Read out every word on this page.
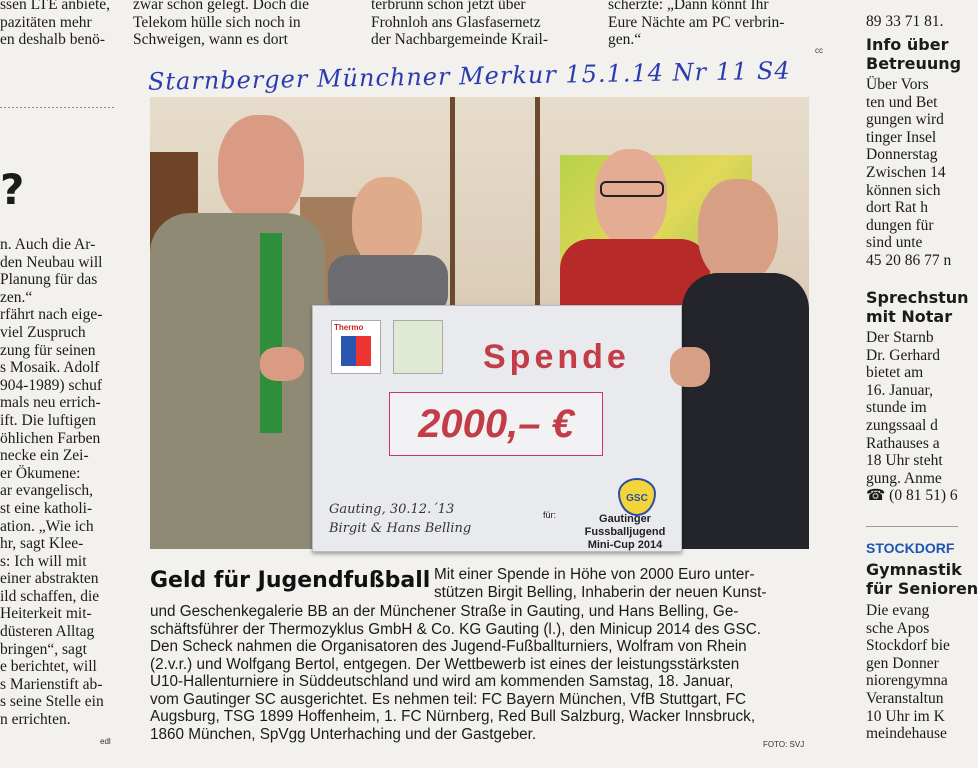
ssen LTE anbiete,
pazitäten mehr
en deshalb benö-
zwar schon gelegt. Doch die
Telekom hülle sich noch in
Schweigen, wann es dort
terbrunn schon jetzt über
Frohnloh ans Glasfasernetz
der Nachbargemeinde Krail-
scherzte: „Dann könnt Ihr
Eure Nächte am PC verbrin-
gen.“
cc
89 33 71 81.
Starnberger Münchner Merkur 15.1.14 Nr 11 S4
?
n. Auch die Ar-
den Neubau will
Planung für das
zen.“
rfährt nach eige-
viel Zuspruch
zung für seinen
s Mosaik. Adolf
904-1989) schuf
mals neu errich-
ift. Die luftigen
öhlichen Farben
necke ein Zei-
er Ökumene:
ar evangelisch,
st eine katholi-
ation. „Wie ich
hr, sagt Klee-
s: Ich will mit
einer abstrakten
ild schaffen, die
Heiterkeit mit-
düsteren Alltag
bringen“, sagt
e berichtet, will
s Marienstift ab-
s seine Stelle ein
n errichten.
edl
Thermo
Spende
2000,– €
Gauting, 30.12.´13
Birgit & Hans Belling
für:
GSC
Gautinger
Fussballjugend
Mini-Cup 2014
Geld für Jugendfußball Mit einer Spende in Höhe von 2000 Euro unter-
stützen Birgit Belling, Inhaberin der neuen Kunst-
und Geschenkegalerie BB an der Münchener Straße in Gauting, und Hans Belling, Ge-
schäftsführer der Thermozyklus GmbH & Co. KG Gauting (l.), den Minicup 2014 des GSC.
Den Scheck nahmen die Organisatoren des Jugend-Fußballturniers, Wolfram von Rhein
(2.v.r.) und Wolfgang Bertol, entgegen. Der Wettbewerb ist eines der leistungsstärksten
U10-Hallenturniere in Süddeutschland und wird am kommenden Samstag, 18. Januar,
vom Gautinger SC ausgerichtet. Es nehmen teil: FC Bayern München, VfB Stuttgart, FC
Augsburg, TSG 1899 Hoffenheim, 1. FC Nürnberg, Red Bull Salzburg, Wacker Innsbruck,
1860 München, SpVgg Unterhaching und der Gastgeber.
FOTO: SVJ
Info über
Betreuung
Über Vors
ten und Bet
gungen wird
tinger Insel
Donnerstag
Zwischen 14
können sich
dort Rat h
dungen für
sind unte
45 20 86 77 n
Sprechstun
mit Notar
Der Starnb
Dr. Gerhard
bietet am
16. Januar,
stunde im
zungssaal d
Rathauses a
18 Uhr steht
gung. Anme
☎ (0 81 51) 6
STOCKDORF
Gymnastik
für Senioren
Die evang
sche Apos
Stockdorf bie
gen Donner
niorengymna
Veranstaltun
10 Uhr im K
meindehause
